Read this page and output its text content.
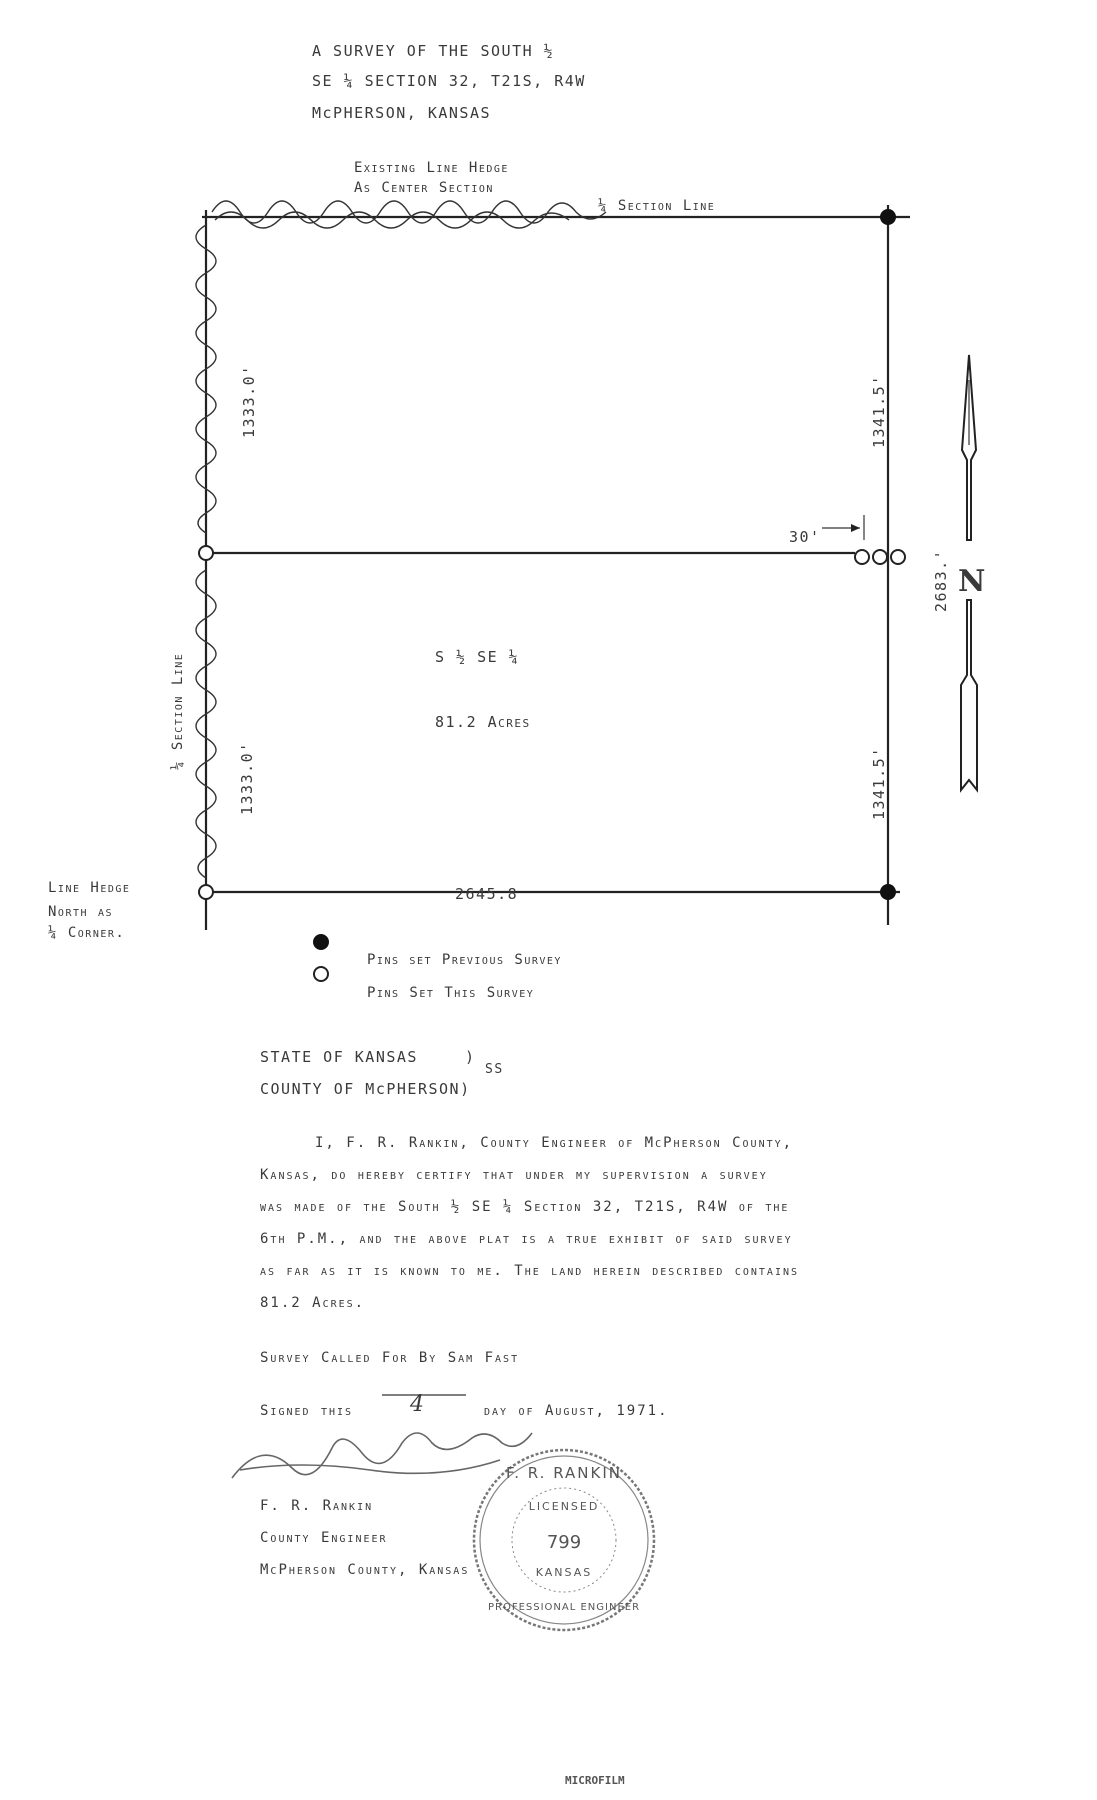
A SURVEY OF THE SOUTH ½
SE ¼ SECTION 32, T21S, R4W
McPHERSON, KANSAS
799
F. R. RANKIN
LICENSED
KANSAS
PROFESSIONAL ENGINEER
Existing Line Hedge
As Center Section
¼ Section Line
1333.0'
1333.0'
1341.5'
1341.5'
2683.'
¼ Section Line
30'
S ½ SE ¼
81.2 Acres
2645.8
N
Line Hedge
North as
¼ Corner.
Pins set Previous Survey
Pins Set This Survey
STATE OF KANSAS	)
SS
COUNTY OF McPHERSON)
I, F. R. Rankin, County Engineer of McPherson County,
Kansas, do hereby certify that under my supervision a survey
was made of the South ½ SE ¼ Section 32, T21S, R4W of the
6th P.M., and the above plat is a true exhibit of said survey
as far as it is known to me. The land herein described contains
81.2 Acres.
Survey Called For By Sam Fast
Signed this	4	day of August, 1971.
F. R. Rankin
County Engineer
McPherson County, Kansas
MICROFILM
